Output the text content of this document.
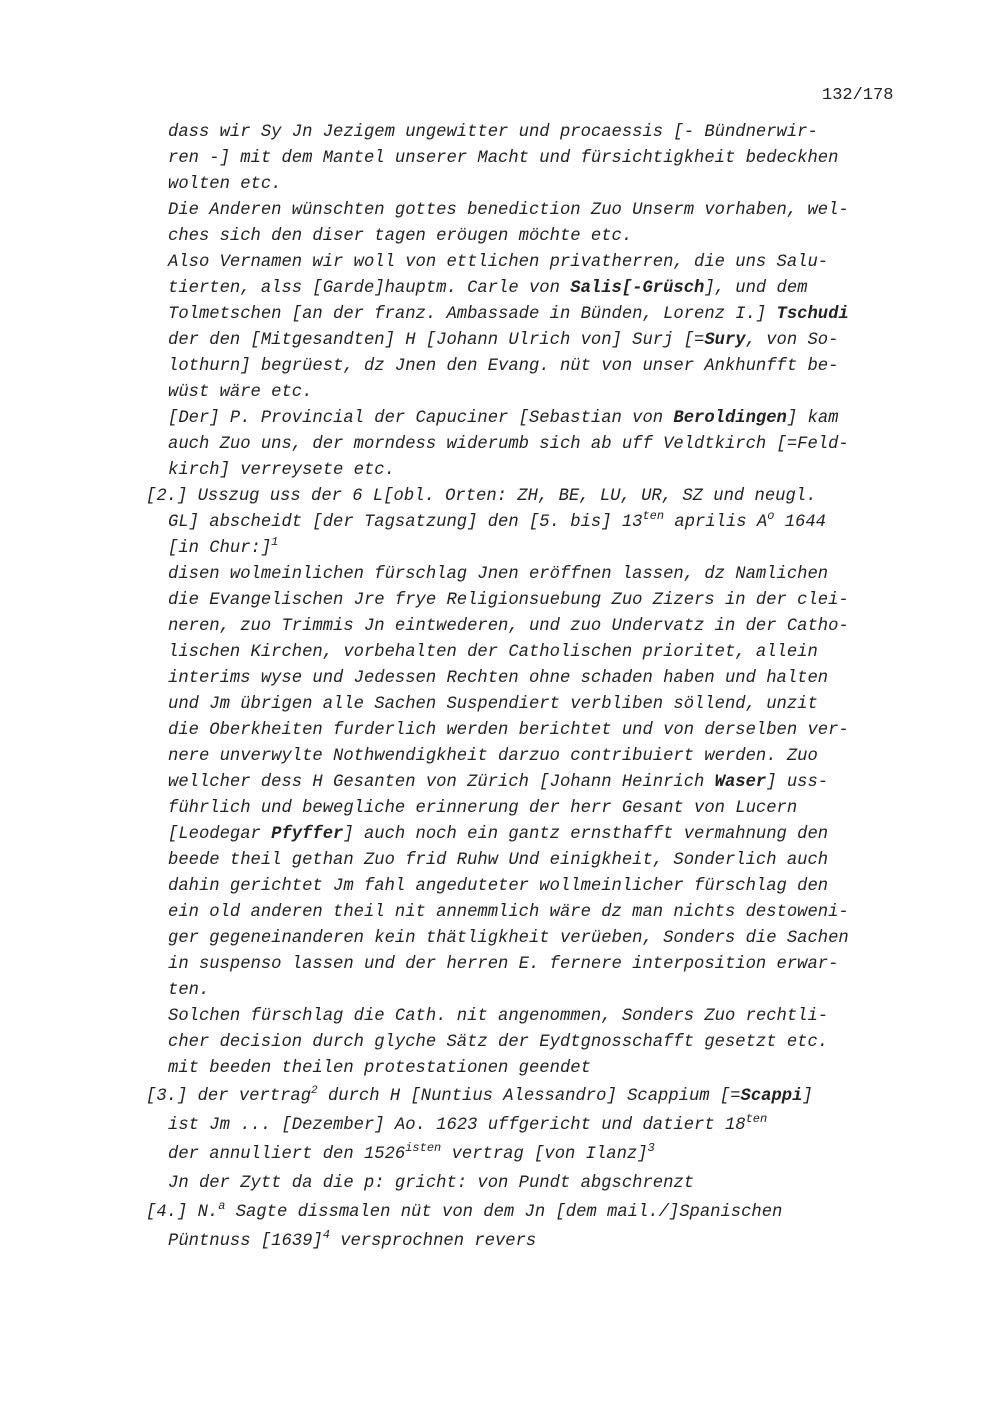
132/178
dass wir Sy Jn Jezigem ungewitter und procaessis [- Bündnerwir-
ren -] mit dem Mantel unserer Macht und fürsichtigkheit bedeckhen
wolten etc.
Die Anderen wünschten gottes benediction Zuo Unserm vorhaben, wel-
ches sich den diser tagen eröugen möchte etc.
Also Vernamen wir woll von ettlichen privatherren, die uns Salu-
tierten, alss [Garde]hauptm. Carle von Salis[-Grüsch], und dem
Tolmetschen [an der franz. Ambassade in Bünden, Lorenz I.] Tschudi
der den [Mitgesandten] H [Johann Ulrich von] Surj [=Sury, von So-
lothurn] begrüest, dz Jnen den Evang. nüt von unser Ankhunfft be-
wüst wäre etc.
[Der] P. Provincial der Capuciner [Sebastian von Beroldingen] kam
auch Zuo uns, der morndess widerumb sich ab uff Veldtkirch [=Feld-
kirch] verreysete etc.
[2.] Usszug uss der 6 L[obl. Orten: ZH, BE, LU, UR, SZ und neugl.
GL] abscheidt [der Tagsatzung] den [5. bis] $13^{ten}$ aprilis $A^o$ 1644
[in Chur:]$^1$
disen wolmeinlichen fürschlag Jnen eröffnen lassen, dz Namlichen
die Evangelischen Jre frye Religionsuebung Zuo Zizers in der clei-
neren, zuo Trimmis Jn eintwederen, und zuo Undervatz in der Catho-
lischen Kirchen, vorbehalten der Catholischen prioritet, allein
interims wyse und Jedessen Rechten ohne schaden haben und halten
und Jm übrigen alle Sachen Suspendiert verbliben söllend, unzit
die Oberkheiten furderlich werden berichtet und von derselben ver-
nere unverwylte Nothwendigkheit darzuo contribuiert werden. Zuo
wellcher dess H Gesanten von Zürich [Johann Heinrich Waser] uss-
führlich und bewegliche erinnerung der herr Gesant von Lucern
[Leodegar Pfyffer] auch noch ein gantz ernsthafft vermahnung den
beede theil gethan Zuo frid Ruhw Und einigkheit, Sonderlich auch
dahin gerichtet Jm fahl angeduteter wollmeinlicher fürschlag den
ein old anderen theil nit annemmlich wäre dz man nichts destoweni-
ger gegeneinanderen kein thätligkheit verüeben, Sonders die Sachen
in suspenso lassen und der herren E. fernere interposition erwar-
ten.
Solchen fürschlag die Cath. nit angenommen, Sonders Zuo rechtli-
cher decision durch glyche Sätz der Eydtgnosschafft gesetzt etc.
mit beeden theilen protestationen geendet
[3.] der vertrag$^2$ durch H [Nuntius Alessandro] Scappium [=Scappi]
ist Jm ... [Dezember] Ao. 1623 uffgericht und datiert $18^{ten}$
der annulliert den $1526^{isten}$ vertrag [von Ilanz]$^3$
Jn der Zytt da die p: gricht: von Pundt abgschrenzt
[4.] N.$^a$ Sagte dissmalen nüt von dem Jn [dem mail./]Spanischen
Püntnuss $[1639]^4$ versprochnen revers
